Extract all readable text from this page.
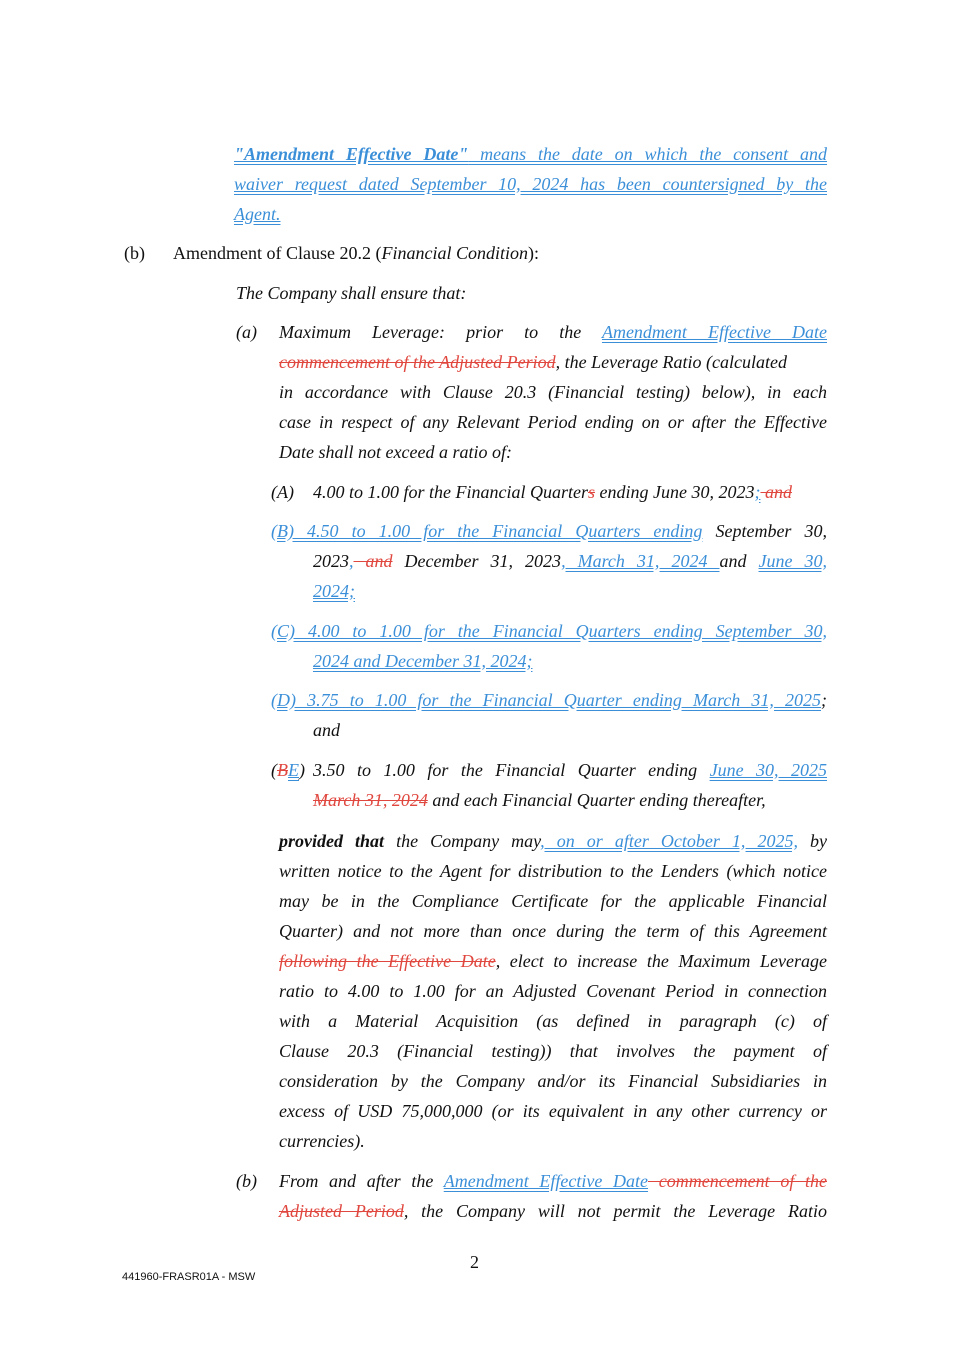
"Amendment Effective Date" means the date on which the consent and
waiver request dated September 10, 2024 has been countersigned by the
Agent.
(b) Amendment of Clause 20.2 (Financial Condition):
The Company shall ensure that:
(a) Maximum Leverage: prior to the Amendment Effective Date
commencement of the Adjusted Period, the Leverage Ratio (calculated
in accordance with Clause 20.3 (Financial testing) below), in each
case in respect of any Relevant Period ending on or after the Effective
Date shall not exceed a ratio of:
(A) 4.00 to 1.00 for the Financial Quarters ending June 30, 2023; and
(B) 4.50 to 1.00 for the Financial Quarters ending September 30,
2023, and December 31, 2023, March 31, 2024 and June 30,
2024;
(C) 4.00 to 1.00 for the Financial Quarters ending September 30,
2024 and December 31, 2024;
(D) 3.75 to 1.00 for the Financial Quarter ending March 31, 2025;
and
(BE) 3.50 to 1.00 for the Financial Quarter ending June 30, 2025
March 31, 2024 and each Financial Quarter ending thereafter,
provided that the Company may, on or after October 1, 2025, by
written notice to the Agent for distribution to the Lenders (which notice
may be in the Compliance Certificate for the applicable Financial
Quarter) and not more than once during the term of this Agreement
following the Effective Date, elect to increase the Maximum Leverage
ratio to 4.00 to 1.00 for an Adjusted Covenant Period in connection
with a Material Acquisition (as defined in paragraph (c) of
Clause 20.3 (Financial testing)) that involves the payment of
consideration by the Company and/or its Financial Subsidiaries in
excess of USD 75,000,000 (or its equivalent in any other currency or
currencies).
(b) From and after the Amendment Effective Date commencement of the
Adjusted Period, the Company will not permit the Leverage Ratio
2
441960-FRASR01A - MSW
